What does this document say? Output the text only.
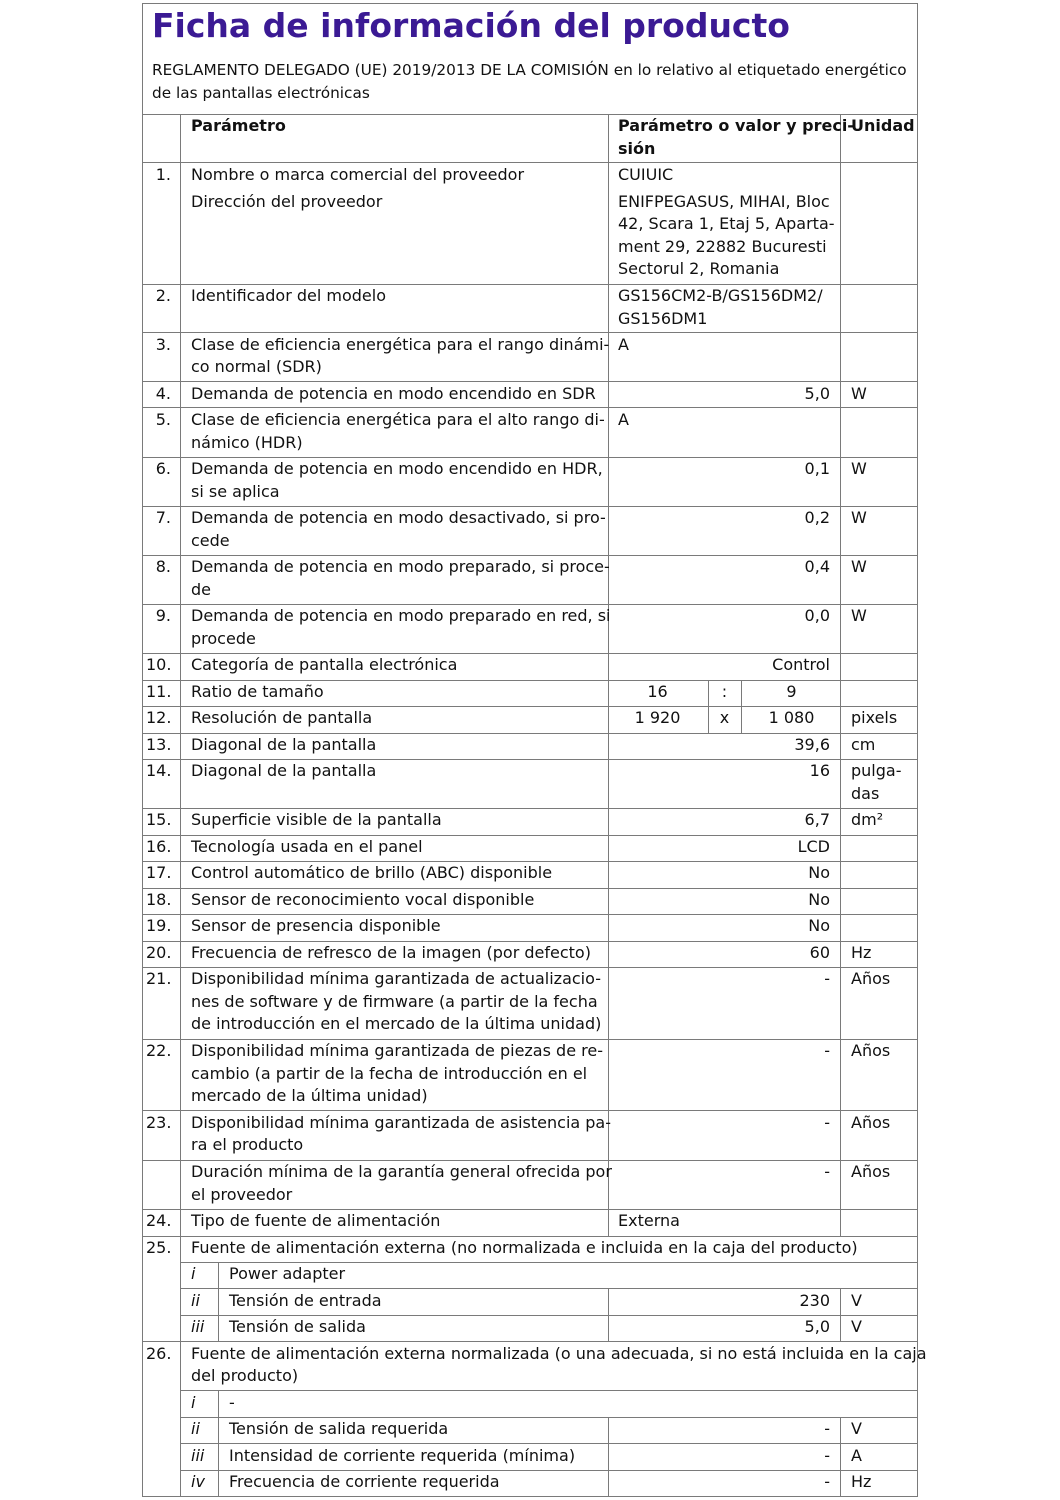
Ficha de información del producto
REGLAMENTO DELEGADO (UE) 2019/2013 DE LA COMISIÓN en lo relativo al etiquetado energético de las pantallas electrónicas
Parámetro	Parámetro o valor y preci-
sión
Unidad
1. Nombre o marca comercial del proveedor	CUIUIC
Dirección del proveedor	ENIFPEGASUS, MIHAI, Bloc
42, Scara 1, Etaj 5, Aparta-
ment 29, 22882 Bucuresti
Sectorul 2, Romania
2. Identificador del modelo	GS156CM2-B/GS156DM2/
GS156DM1
3. Clase de eficiencia energética para el rango dinámi-
co normal (SDR)
A
4. Demanda de potencia en modo encendido en SDR	5,0 W
5. Clase de eficiencia energética para el alto rango di-
námico (HDR)
A
6. Demanda de potencia en modo encendido en HDR,
si se aplica
0,1 W
7. Demanda de potencia en modo desactivado, si pro-
cede
0,2 W
8. Demanda de potencia en modo preparado, si proce-
de
0,4 W
9. Demanda de potencia en modo preparado en red, si
procede
0,0 W
10. Categoría de pantalla electrónica	Control
11. Ratio de tamaño	16	:	9
12. Resolución de pantalla	1 920	x	1 080	pixels
13. Diagonal de la pantalla	39,6 cm
14. Diagonal de la pantalla	16 pulga-
das
15. Superficie visible de la pantalla	6,7 dm²
16. Tecnología usada en el panel	LCD
17. Control automático de brillo (ABC) disponible	No
18. Sensor de reconocimiento vocal disponible	No
19. Sensor de presencia disponible	No
20. Frecuencia de refresco de la imagen (por defecto)	60 Hz
21. Disponibilidad mínima garantizada de actualizacio-
nes de software y de firmware (a partir de la fecha
de introducción en el mercado de la última unidad)
- Años
22. Disponibilidad mínima garantizada de piezas de re-
cambio (a partir de la fecha de introducción en el
mercado de la última unidad)
- Años
23. Disponibilidad mínima garantizada de asistencia pa-
ra el producto
- Años
Duración mínima de la garantía general ofrecida por
el proveedor
- Años
24. Tipo de fuente de alimentación	Externa
25. Fuente de alimentación externa (no normalizada e incluida en la caja del producto)
i Power adapter
ii Tensión de entrada	230 V
iii Tensión de salida	5,0 V
26. Fuente de alimentación externa normalizada (o una adecuada, si no está incluida en la caja
del producto)
i -
ii Tensión de salida requerida	- V
iii Intensidad de corriente requerida (mínima)	- A
iv Frecuencia de corriente requerida	- Hz
